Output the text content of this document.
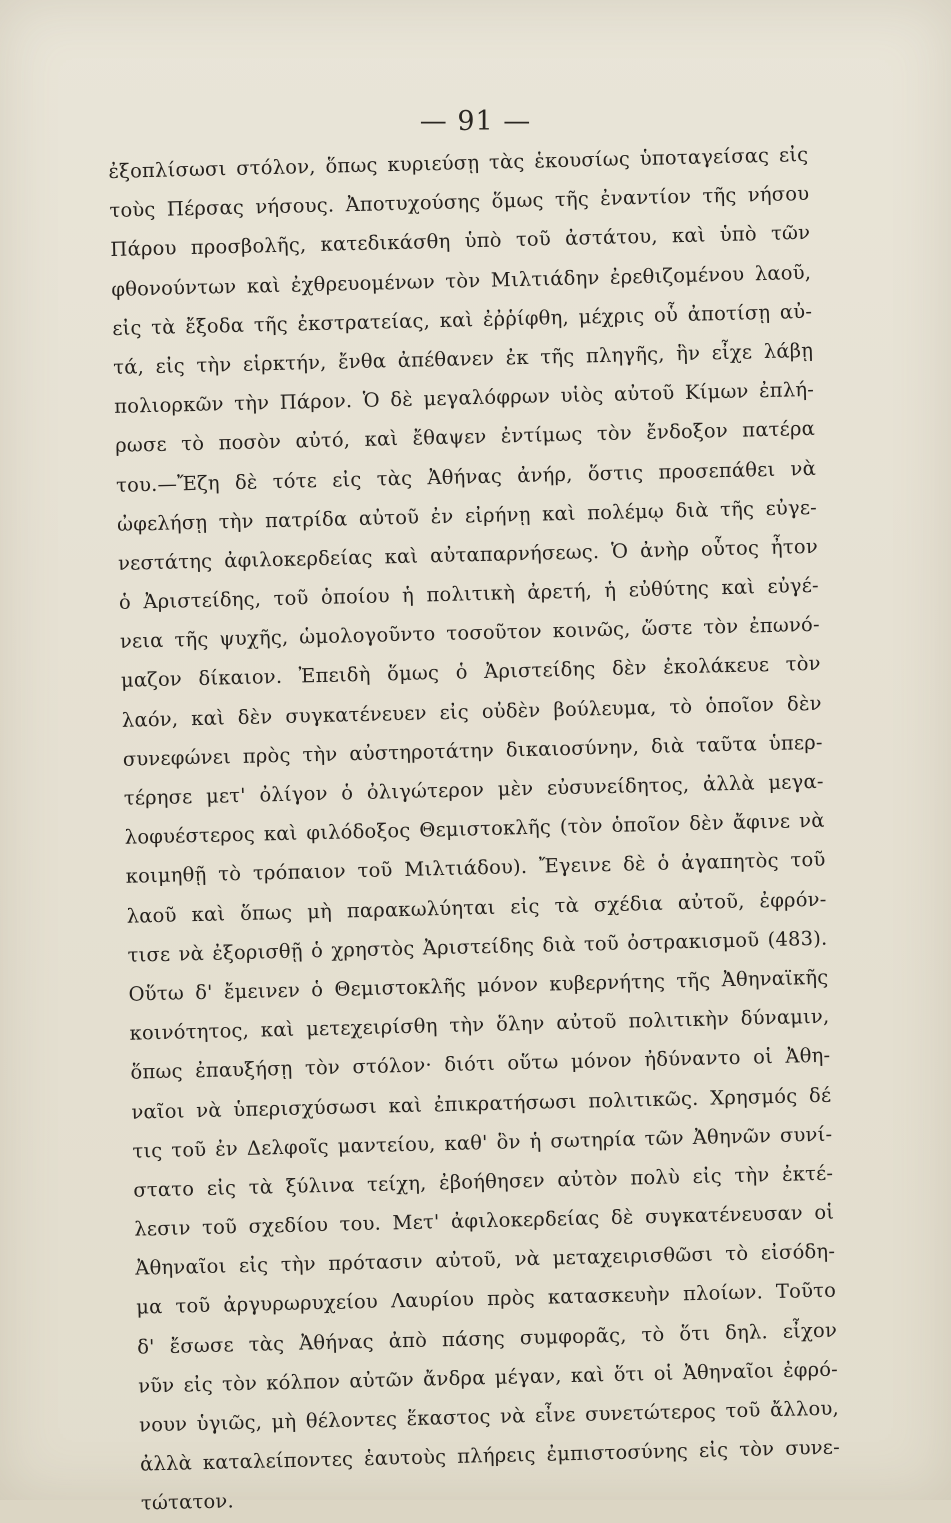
— 91 —
ἐξοπλίσωσι στόλον, ὅπως κυριεύσῃ τὰς ἑκουσίως ὑποταγείσας εἰς
τοὺς Πέρσας νήσους. Ἀποτυχούσης ὅμως τῆς ἐναντίον τῆς νήσου
Πάρου προσβολῆς, κατεδικάσθη ὑπὸ τοῦ ἀστάτου, καὶ ὑπὸ τῶν
φθονούντων καὶ ἐχθρευομένων τὸν Μιλτιάδην ἐρεθιζομένου λαοῦ,
εἰς τὰ ἔξοδα τῆς ἐκστρατείας, καὶ ἐῤῥίφθη, μέχρις οὗ ἀποτίσῃ αὐ-
τά, εἰς τὴν εἱρκτήν, ἔνθα ἀπέθανεν ἐκ τῆς πληγῆς, ἣν εἶχε λάβῃ
πολιορκῶν τὴν Πάρον. Ὁ δὲ μεγαλόφρων υἱὸς αὐτοῦ Κίμων ἐπλή-
ρωσε τὸ ποσὸν αὐτό, καὶ ἔθαψεν ἐντίμως τὸν ἔνδοξον πατέρα
του.—Ἔζη δὲ τότε εἰς τὰς Ἀθήνας ἀνήρ, ὅστις προσεπάθει νὰ
ὠφελήσῃ τὴν πατρίδα αὐτοῦ ἐν εἰρήνῃ καὶ πολέμῳ διὰ τῆς εὐγε-
νεστάτης ἀφιλοκερδείας καὶ αὐταπαρνήσεως. Ὁ ἀνὴρ οὗτος ἦτον
ὁ Ἀριστείδης, τοῦ ὁποίου ἡ πολιτικὴ ἀρετή, ἡ εὐθύτης καὶ εὐγέ-
νεια τῆς ψυχῆς, ὡμολογοῦντο τοσοῦτον κοινῶς, ὥστε τὸν ἐπωνό-
μαζον δίκαιον. Ἐπειδὴ ὅμως ὁ Ἀριστείδης δὲν ἐκολάκευε τὸν
λαόν, καὶ δὲν συγκατένευεν εἰς οὐδὲν βούλευμα, τὸ ὁποῖον δὲν
συνεφώνει πρὸς τὴν αὐστηροτάτην δικαιοσύνην, διὰ ταῦτα ὑπερ-
τέρησε μετ' ὀλίγον ὁ ὀλιγώτερον μὲν εὐσυνείδητος, ἀλλὰ μεγα-
λοφυέστερος καὶ φιλόδοξος Θεμιστοκλῆς (τὸν ὁποῖον δὲν ἄφινε νὰ
κοιμηθῇ τὸ τρόπαιον τοῦ Μιλτιάδου). Ἔγεινε δὲ ὁ ἀγαπητὸς τοῦ
λαοῦ καὶ ὅπως μὴ παρακωλύηται εἰς τὰ σχέδια αὐτοῦ, ἐφρόν-
τισε νὰ ἐξορισθῇ ὁ χρηστὸς Ἀριστείδης διὰ τοῦ ὀστρακισμοῦ (483).
Οὕτω δ' ἔμεινεν ὁ Θεμιστοκλῆς μόνον κυβερνήτης τῆς Ἀθηναϊκῆς
κοινότητος, καὶ μετεχειρίσθη τὴν ὅλην αὐτοῦ πολιτικὴν δύναμιν,
ὅπως ἐπαυξήσῃ τὸν στόλον· διότι οὕτω μόνον ἠδύναντο οἱ Ἀθη-
ναῖοι νὰ ὑπερισχύσωσι καὶ ἐπικρατήσωσι πολιτικῶς. Χρησμός δέ
τις τοῦ ἐν Δελφοῖς μαντείου, καθ' ὃν ἡ σωτηρία τῶν Ἀθηνῶν συνί-
στατο εἰς τὰ ξύλινα τείχη, ἐβοήθησεν αὐτὸν πολὺ εἰς τὴν ἐκτέ-
λεσιν τοῦ σχεδίου του. Μετ' ἀφιλοκερδείας δὲ συγκατένευσαν οἱ
Ἀθηναῖοι εἰς τὴν πρότασιν αὐτοῦ, νὰ μεταχειρισθῶσι τὸ εἰσόδη-
μα τοῦ ἀργυρωρυχείου Λαυρίου πρὸς κατασκευὴν πλοίων. Τοῦτο
δ' ἔσωσε τὰς Ἀθήνας ἀπὸ πάσης συμφορᾶς, τὸ ὅτι δηλ. εἶχον
νῦν εἰς τὸν κόλπον αὐτῶν ἄνδρα μέγαν, καὶ ὅτι οἱ Ἀθηναῖοι ἐφρό-
νουν ὑγιῶς, μὴ θέλοντες ἕκαστος νὰ εἶνε συνετώτερος τοῦ ἄλλου,
ἀλλὰ καταλείποντες ἑαυτοὺς πλήρεις ἐμπιστοσύνης εἰς τὸν συνε-
τώτατον.
